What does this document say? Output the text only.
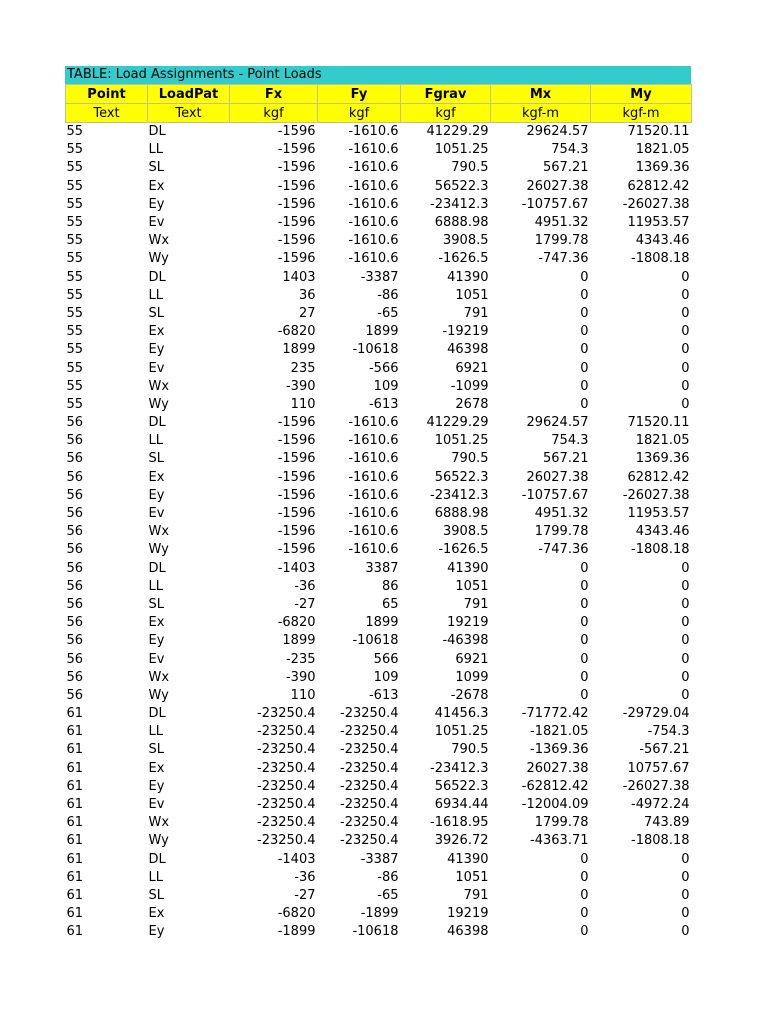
TABLE: Load Assignments - Point Loads
Point	LoadPat	Fx	Fy	Fgrav	Mx	My
Text	Text	kgf	kgf	kgf	kgf-m	kgf-m
55	DL	-1596	-1610.6	41229.29	29624.57	71520.11
55	LL	-1596	-1610.6	1051.25	754.3	1821.05
55	SL	-1596	-1610.6	790.5	567.21	1369.36
55	Ex	-1596	-1610.6	56522.3	26027.38	62812.42
55	Ey	-1596	-1610.6	-23412.3	-10757.67	-26027.38
55	Ev	-1596	-1610.6	6888.98	4951.32	11953.57
55	Wx	-1596	-1610.6	3908.5	1799.78	4343.46
55	Wy	-1596	-1610.6	-1626.5	-747.36	-1808.18
55	DL	1403	-3387	41390	0	0
55	LL	36	-86	1051	0	0
55	SL	27	-65	791	0	0
55	Ex	-6820	1899	-19219	0	0
55	Ey	1899	-10618	46398	0	0
55	Ev	235	-566	6921	0	0
55	Wx	-390	109	-1099	0	0
55	Wy	110	-613	2678	0	0
56	DL	-1596	-1610.6	41229.29	29624.57	71520.11
56	LL	-1596	-1610.6	1051.25	754.3	1821.05
56	SL	-1596	-1610.6	790.5	567.21	1369.36
56	Ex	-1596	-1610.6	56522.3	26027.38	62812.42
56	Ey	-1596	-1610.6	-23412.3	-10757.67	-26027.38
56	Ev	-1596	-1610.6	6888.98	4951.32	11953.57
56	Wx	-1596	-1610.6	3908.5	1799.78	4343.46
56	Wy	-1596	-1610.6	-1626.5	-747.36	-1808.18
56	DL	-1403	3387	41390	0	0
56	LL	-36	86	1051	0	0
56	SL	-27	65	791	0	0
56	Ex	-6820	1899	19219	0	0
56	Ey	1899	-10618	-46398	0	0
56	Ev	-235	566	6921	0	0
56	Wx	-390	109	1099	0	0
56	Wy	110	-613	-2678	0	0
61	DL	-23250.4	-23250.4	41456.3	-71772.42	-29729.04
61	LL	-23250.4	-23250.4	1051.25	-1821.05	-754.3
61	SL	-23250.4	-23250.4	790.5	-1369.36	-567.21
61	Ex	-23250.4	-23250.4	-23412.3	26027.38	10757.67
61	Ey	-23250.4	-23250.4	56522.3	-62812.42	-26027.38
61	Ev	-23250.4	-23250.4	6934.44	-12004.09	-4972.24
61	Wx	-23250.4	-23250.4	-1618.95	1799.78	743.89
61	Wy	-23250.4	-23250.4	3926.72	-4363.71	-1808.18
61	DL	-1403	-3387	41390	0	0
61	LL	-36	-86	1051	0	0
61	SL	-27	-65	791	0	0
61	Ex	-6820	-1899	19219	0	0
61	Ey	-1899	-10618	46398	0	0
